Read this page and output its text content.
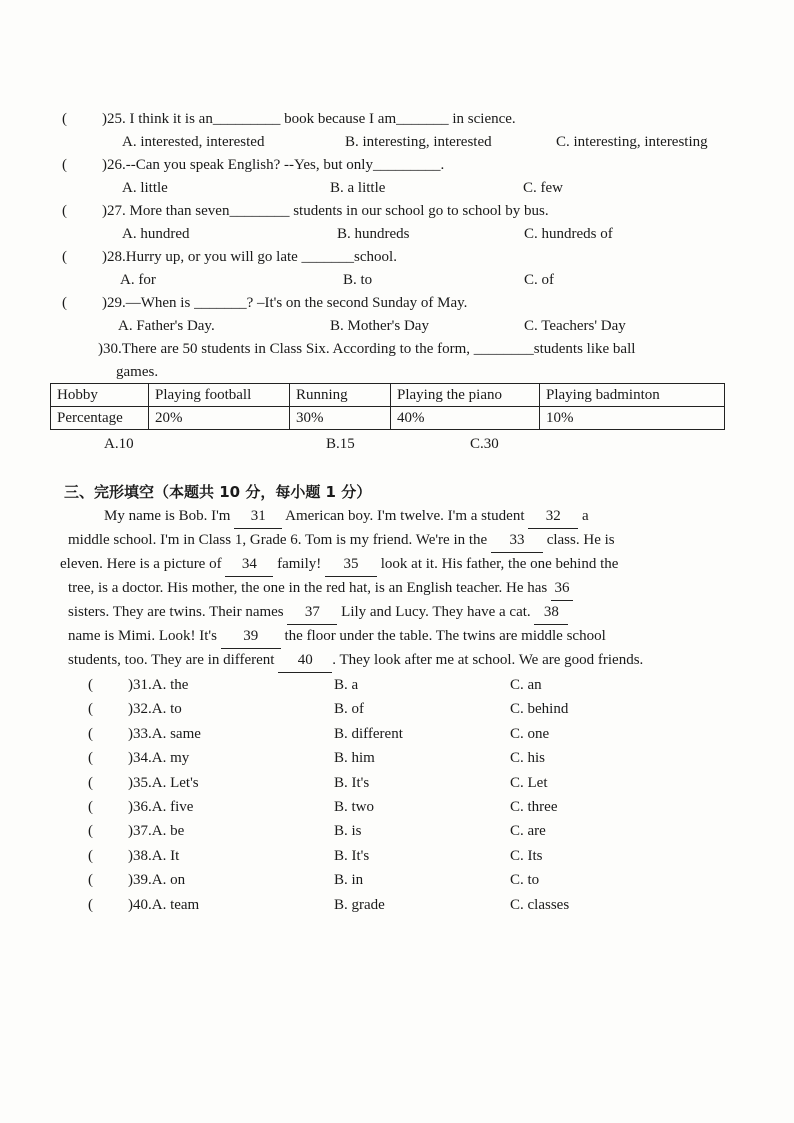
( )25. I think it is an_________ book because I am_______ in science.
A. interested, interested	B. interesting, interested	C. interesting, interesting
( )26.--Can you speak English? --Yes, but only_________.
A. little	B. a little	C. few
( )27. More than seven________ students in our school go to school by bus.
A. hundred	B. hundreds	C. hundreds of
( )28.Hurry up, or you will go late _______school.
A. for	B. to	C. of
( )29.—When is _______? –It's on the second Sunday of May.
A. Father's Day.	B. Mother's Day	C. Teachers' Day
)30.There are 50 students in Class Six. According to the form, ________students like ball
games.
Hobby	Playing football	Running	Playing the piano	Playing badminton
Percentage	20%	30%	40%	10%
A.10	B.15	C.30
三、完形填空（本题共 10 分，每小题 1 分）
My name is Bob. I'm 31 American boy. I'm twelve. I'm a student 32 a
middle school. I'm in Class 1, Grade 6. Tom is my friend. We're in the 33 class. He is
eleven. Here is a picture of 34 family! 35 look at it. His father, the one behind the
tree, is a doctor. His mother, the one in the red hat, is an English teacher. He has 36
sisters. They are twins. Their names 37 Lily and Lucy. They have a cat. 38
name is Mimi. Look! It's 39 the floor under the table. The twins are middle school
students, too. They are in different 40 . They look after me at school. We are good friends.
( )31.A. the	B. a	C. an
( )32.A. to	B. of	C. behind
( )33.A. same	B. different	C. one
( )34.A. my	B. him	C. his
( )35.A. Let's	B. It's	C. Let
( )36.A. five	B. two	C. three
( )37.A. be	B. is	C. are
( )38.A. It	B. It's	C. Its
( )39.A. on	B. in	C. to
( )40.A. team	B. grade	C. classes
